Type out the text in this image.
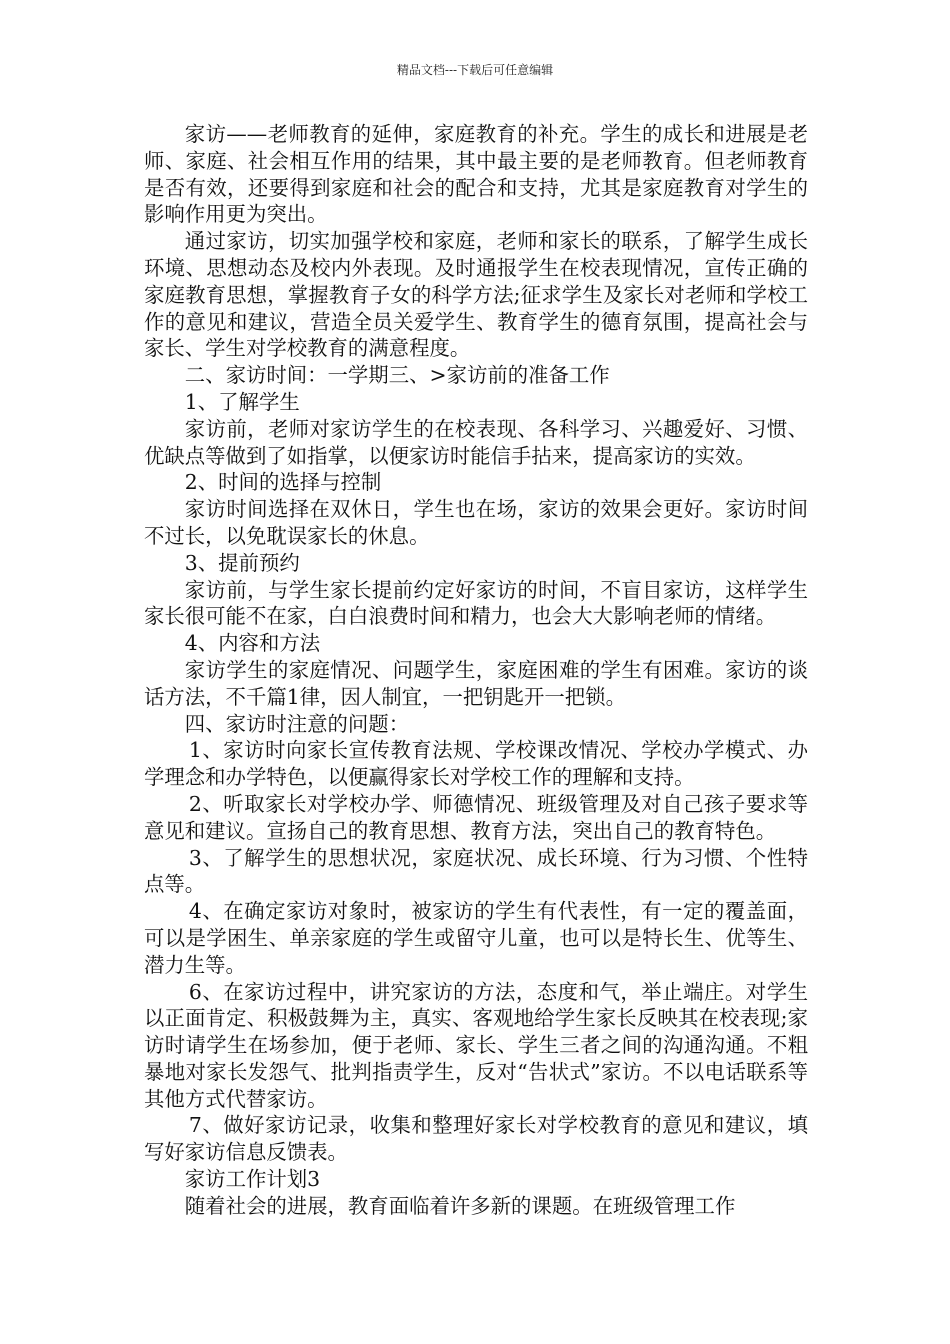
精品文档---下载后可任意编辑

家访——老师教育的延伸，家庭教育的补充。学生的成长和进展是老师、家庭、社会相互作用的结果，其中最主要的是老师教育。但老师教育是否有效，还要得到家庭和社会的配合和支持，尤其是家庭教育对学生的影响作用更为突出。

通过家访，切实加强学校和家庭，老师和家长的联系，了解学生成长环境、思想动态及校内外表现。及时通报学生在校表现情况，宣传正确的家庭教育思想，掌握教育子女的科学方法;征求学生及家长对老师和学校工作的意见和建议，营造全员关爱学生、教育学生的德育氛围，提高社会与家长、学生对学校教育的满意程度。

二、家访时间：一学期三、>家访前的准备工作

1、了解学生

家访前，老师对家访学生的在校表现、各科学习、兴趣爱好、习惯、优缺点等做到了如指掌，以便家访时能信手拈来，提高家访的实效。

2、时间的选择与控制

家访时间选择在双休日，学生也在场，家访的效果会更好。家访时间不过长，以免耽误家长的休息。

3、提前预约

家访前，与学生家长提前约定好家访的时间，不盲目家访，这样学生家长很可能不在家，白白浪费时间和精力，也会大大影响老师的情绪。

4、内容和方法

家访学生的家庭情况、问题学生，家庭困难的学生有困难。家访的谈话方法，不千篇1律，因人制宜，一把钥匙开一把锁。

四、家访时注意的问题：

1、家访时向家长宣传教育法规、学校课改情况、学校办学模式、办学理念和办学特色，以便赢得家长对学校工作的理解和支持。

2、听取家长对学校办学、师德情况、班级管理及对自己孩子要求等意见和建议。宣扬自己的教育思想、教育方法，突出自己的教育特色。

3、了解学生的思想状况，家庭状况、成长环境、行为习惯、个性特点等。

4、在确定家访对象时，被家访的学生有代表性，有一定的覆盖面，可以是学困生、单亲家庭的学生或留守儿童，也可以是特长生、优等生、潜力生等。

6、在家访过程中，讲究家访的方法，态度和气，举止端庄。对学生以正面肯定、积极鼓舞为主，真实、客观地给学生家长反映其在校表现;家访时请学生在场参加，便于老师、家长、学生三者之间的沟通沟通。不粗暴地对家长发怨气、批判指责学生，反对“告状式”家访。不以电话联系等其他方式代替家访。

7、做好家访记录，收集和整理好家长对学校教育的意见和建议，填写好家访信息反馈表。

家访工作计划3

随着社会的进展，教育面临着许多新的课题。在班级管理工作
